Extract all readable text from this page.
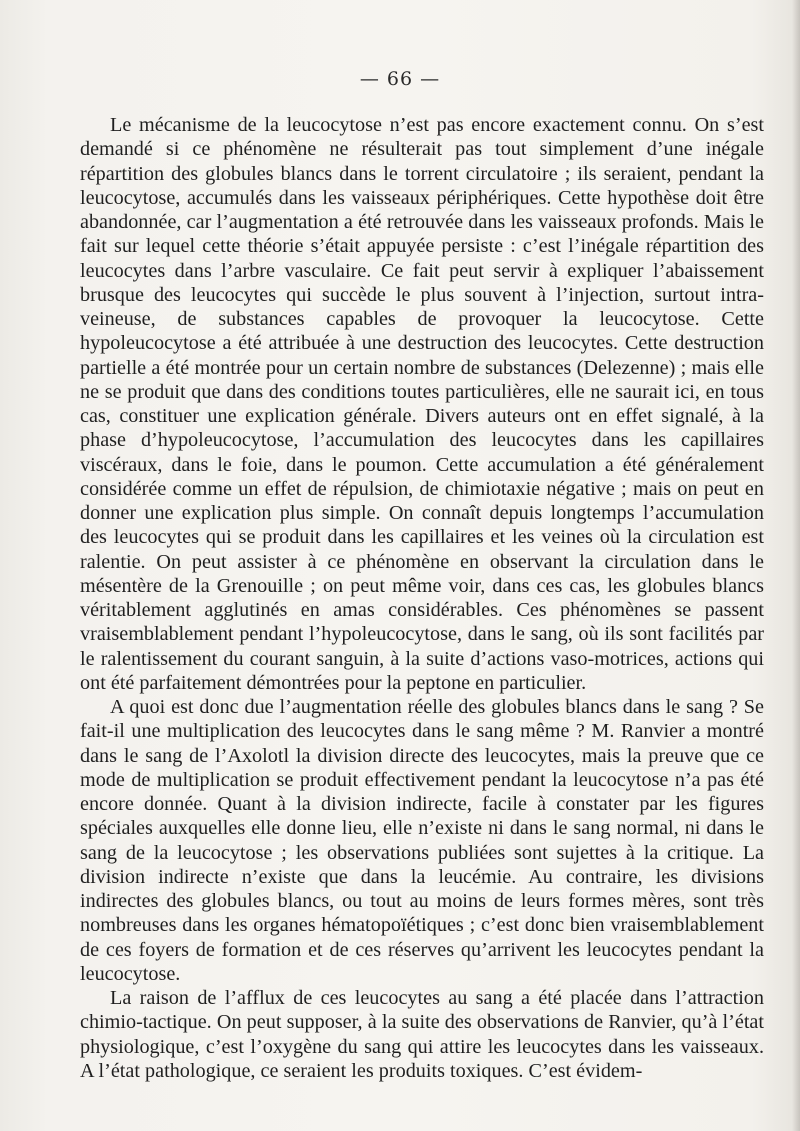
— 66 —

Le mécanisme de la leucocytose n’est pas encore exactement connu. On s’est demandé si ce phénomène ne résulterait pas tout simplement d’une inégale répartition des globules blancs dans le torrent circulatoire ; ils seraient, pendant la leucocytose, accumulés dans les vaisseaux périphériques. Cette hypothèse doit être abandonnée, car l’augmentation a été retrouvée dans les vaisseaux profonds. Mais le fait sur lequel cette théorie s’était appuyée persiste : c’est l’inégale répartition des leucocytes dans l’arbre vasculaire. Ce fait peut servir à expliquer l’abaissement brusque des leucocytes qui succède le plus souvent à l’injection, surtout intra-veineuse, de substances capables de provoquer la leucocytose. Cette hypoleucocytose a été attribuée à une destruction des leucocytes. Cette destruction partielle a été montrée pour un certain nombre de substances (Delezenne) ; mais elle ne se produit que dans des conditions toutes particulières, elle ne saurait ici, en tous cas, constituer une explication générale. Divers auteurs ont en effet signalé, à la phase d’hypoleucocytose, l’accumulation des leucocytes dans les capillaires viscéraux, dans le foie, dans le poumon. Cette accumulation a été généralement considérée comme un effet de répulsion, de chimiotaxie négative ; mais on peut en donner une explication plus simple. On connaît depuis longtemps l’accumulation des leucocytes qui se produit dans les capillaires et les veines où la circulation est ralentie. On peut assister à ce phénomène en observant la circulation dans le mésentère de la Grenouille ; on peut même voir, dans ces cas, les globules blancs véritablement agglutinés en amas considérables. Ces phénomènes se passent vraisemblablement pendant l’hypoleucocytose, dans le sang, où ils sont facilités par le ralentissement du courant sanguin, à la suite d’actions vaso-motrices, actions qui ont été parfaitement démontrées pour la peptone en particulier.

A quoi est donc due l’augmentation réelle des globules blancs dans le sang ? Se fait-il une multiplication des leucocytes dans le sang même ? M. Ranvier a montré dans le sang de l’Axolotl la division directe des leucocytes, mais la preuve que ce mode de multiplication se produit effectivement pendant la leucocytose n’a pas été encore donnée. Quant à la division indirecte, facile à constater par les figures spéciales auxquelles elle donne lieu, elle n’existe ni dans le sang normal, ni dans le sang de la leucocytose ; les observations publiées sont sujettes à la critique. La division indirecte n’existe que dans la leucémie. Au contraire, les divisions indirectes des globules blancs, ou tout au moins de leurs formes mères, sont très nombreuses dans les organes hématopoïétiques ; c’est donc bien vraisemblablement de ces foyers de formation et de ces réserves qu’arrivent les leucocytes pendant la leucocytose.

La raison de l’afflux de ces leucocytes au sang a été placée dans l’attraction chimio-tactique. On peut supposer, à la suite des observations de Ranvier, qu’à l’état physiologique, c’est l’oxygène du sang qui attire les leucocytes dans les vaisseaux. A l’état pathologique, ce seraient les produits toxiques. C’est évidem-
